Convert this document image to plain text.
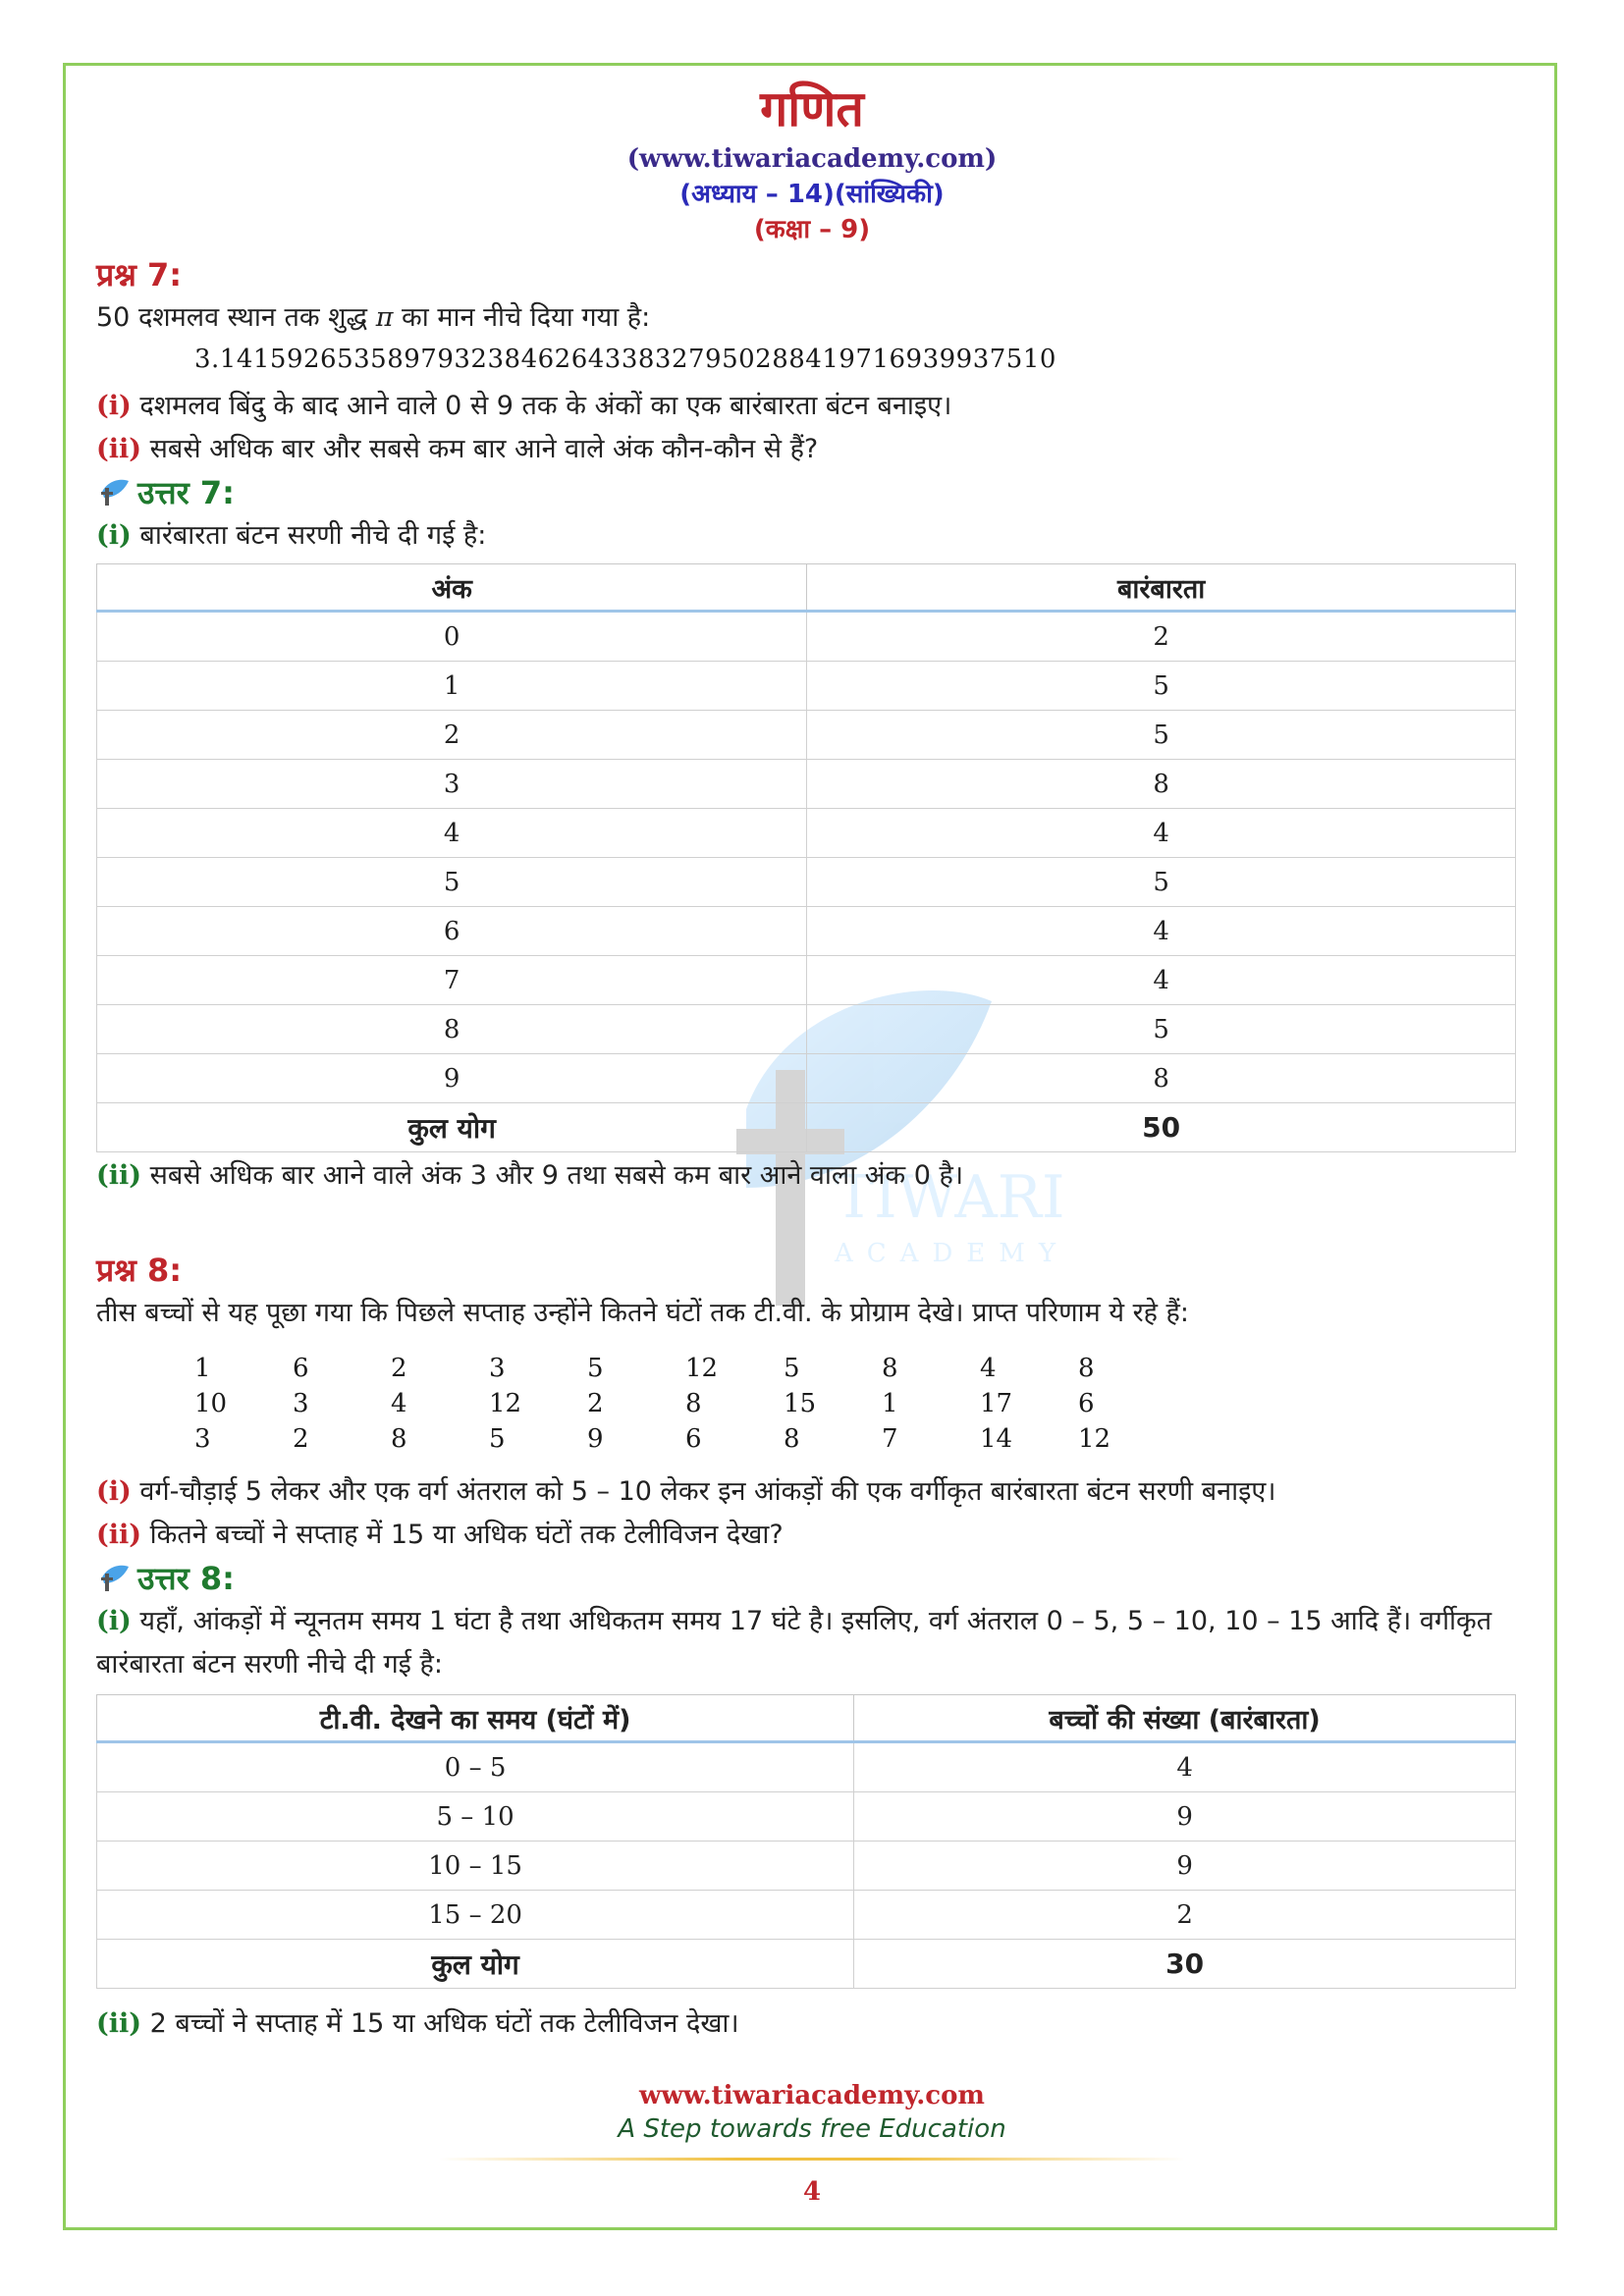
TIWARI
ACADEMY
गणित
(www.tiwariacademy.com)
(अध्याय – 14)(सांख्यिकी)
(कक्षा – 9)
प्रश्न 7:
50 दशमलव स्थान तक शुद्ध π का मान नीचे दिया गया है:
3.14159265358979323846264338327950288419716939937510
(i) दशमलव बिंदु के बाद आने वाले 0 से 9 तक के अंकों का एक बारंबारता बंटन बनाइए।
(ii) सबसे अधिक बार और सबसे कम बार आने वाले अंक कौन-कौन से हैं?
उत्तर 7:
(i) बारंबारता बंटन सरणी नीचे दी गई है:
अंक	बारंबारता
0	2
1	5
2	5
3	8
4	4
5	5
6	4
7	4
8	5
9	8
कुल योग	50
(ii) सबसे अधिक बार आने वाले अंक 3 और 9 तथा सबसे कम बार आने वाला अंक 0 है।
प्रश्न 8:
तीस बच्चों से यह पूछा गया कि पिछले सप्ताह उन्होंने कितने घंटों तक टी.वी. के प्रोग्राम देखे। प्राप्त परिणाम ये रहे हैं:
1	6	2	3	5	12	5	8	4	8
10	3	4	12	2	8	15	1	17	6
3	2	8	5	9	6	8	7	14	12
(i) वर्ग-चौड़ाई 5 लेकर और एक वर्ग अंतराल को 5 – 10 लेकर इन आंकड़ों की एक वर्गीकृत बारंबारता बंटन सरणी बनाइए।
(ii) कितने बच्चों ने सप्ताह में 15 या अधिक घंटों तक टेलीविजन देखा?
उत्तर 8:
(i) यहाँ, आंकड़ों में न्यूनतम समय 1 घंटा है तथा अधिकतम समय 17 घंटे है। इसलिए, वर्ग अंतराल 0 – 5, 5 – 10, 10 – 15 आदि हैं। वर्गीकृत बारंबारता बंटन सरणी नीचे दी गई है:
टी.वी. देखने का समय (घंटों में)	बच्चों की संख्या (बारंबारता)
0 – 5	4
5 – 10	9
10 – 15	9
15 – 20	2
कुल योग	30
(ii) 2 बच्चों ने सप्ताह में 15 या अधिक घंटों तक टेलीविजन देखा।
www.tiwariacademy.com
A Step towards free Education
4
